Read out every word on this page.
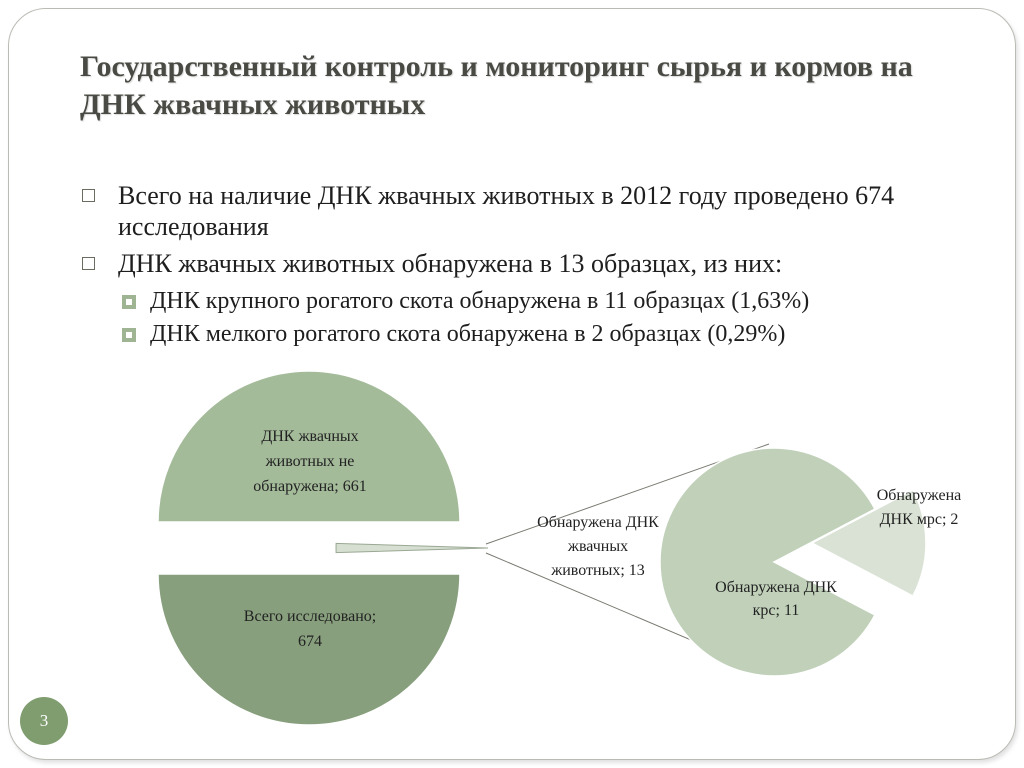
Государственный контроль и мониторинг сырья и кормов на ДНК жвачных животных
Всего на наличие ДНК жвачных животных в 2012 году проведено 674 исследования
ДНК жвачных животных обнаружена в 13 образцах, из них:
ДНК крупного рогатого скота обнаружена в 11 образцах (1,63%)
ДНК мелкого рогатого скота обнаружена в 2 образцах (0,29%)
ДНК жвачных животных не обнаружена; 661
Всего исследовано; 674
Обнаружена ДНК жвачных животных; 13
Обнаружена ДНК крс; 11
Обнаружена ДНК мрс; 2
3
